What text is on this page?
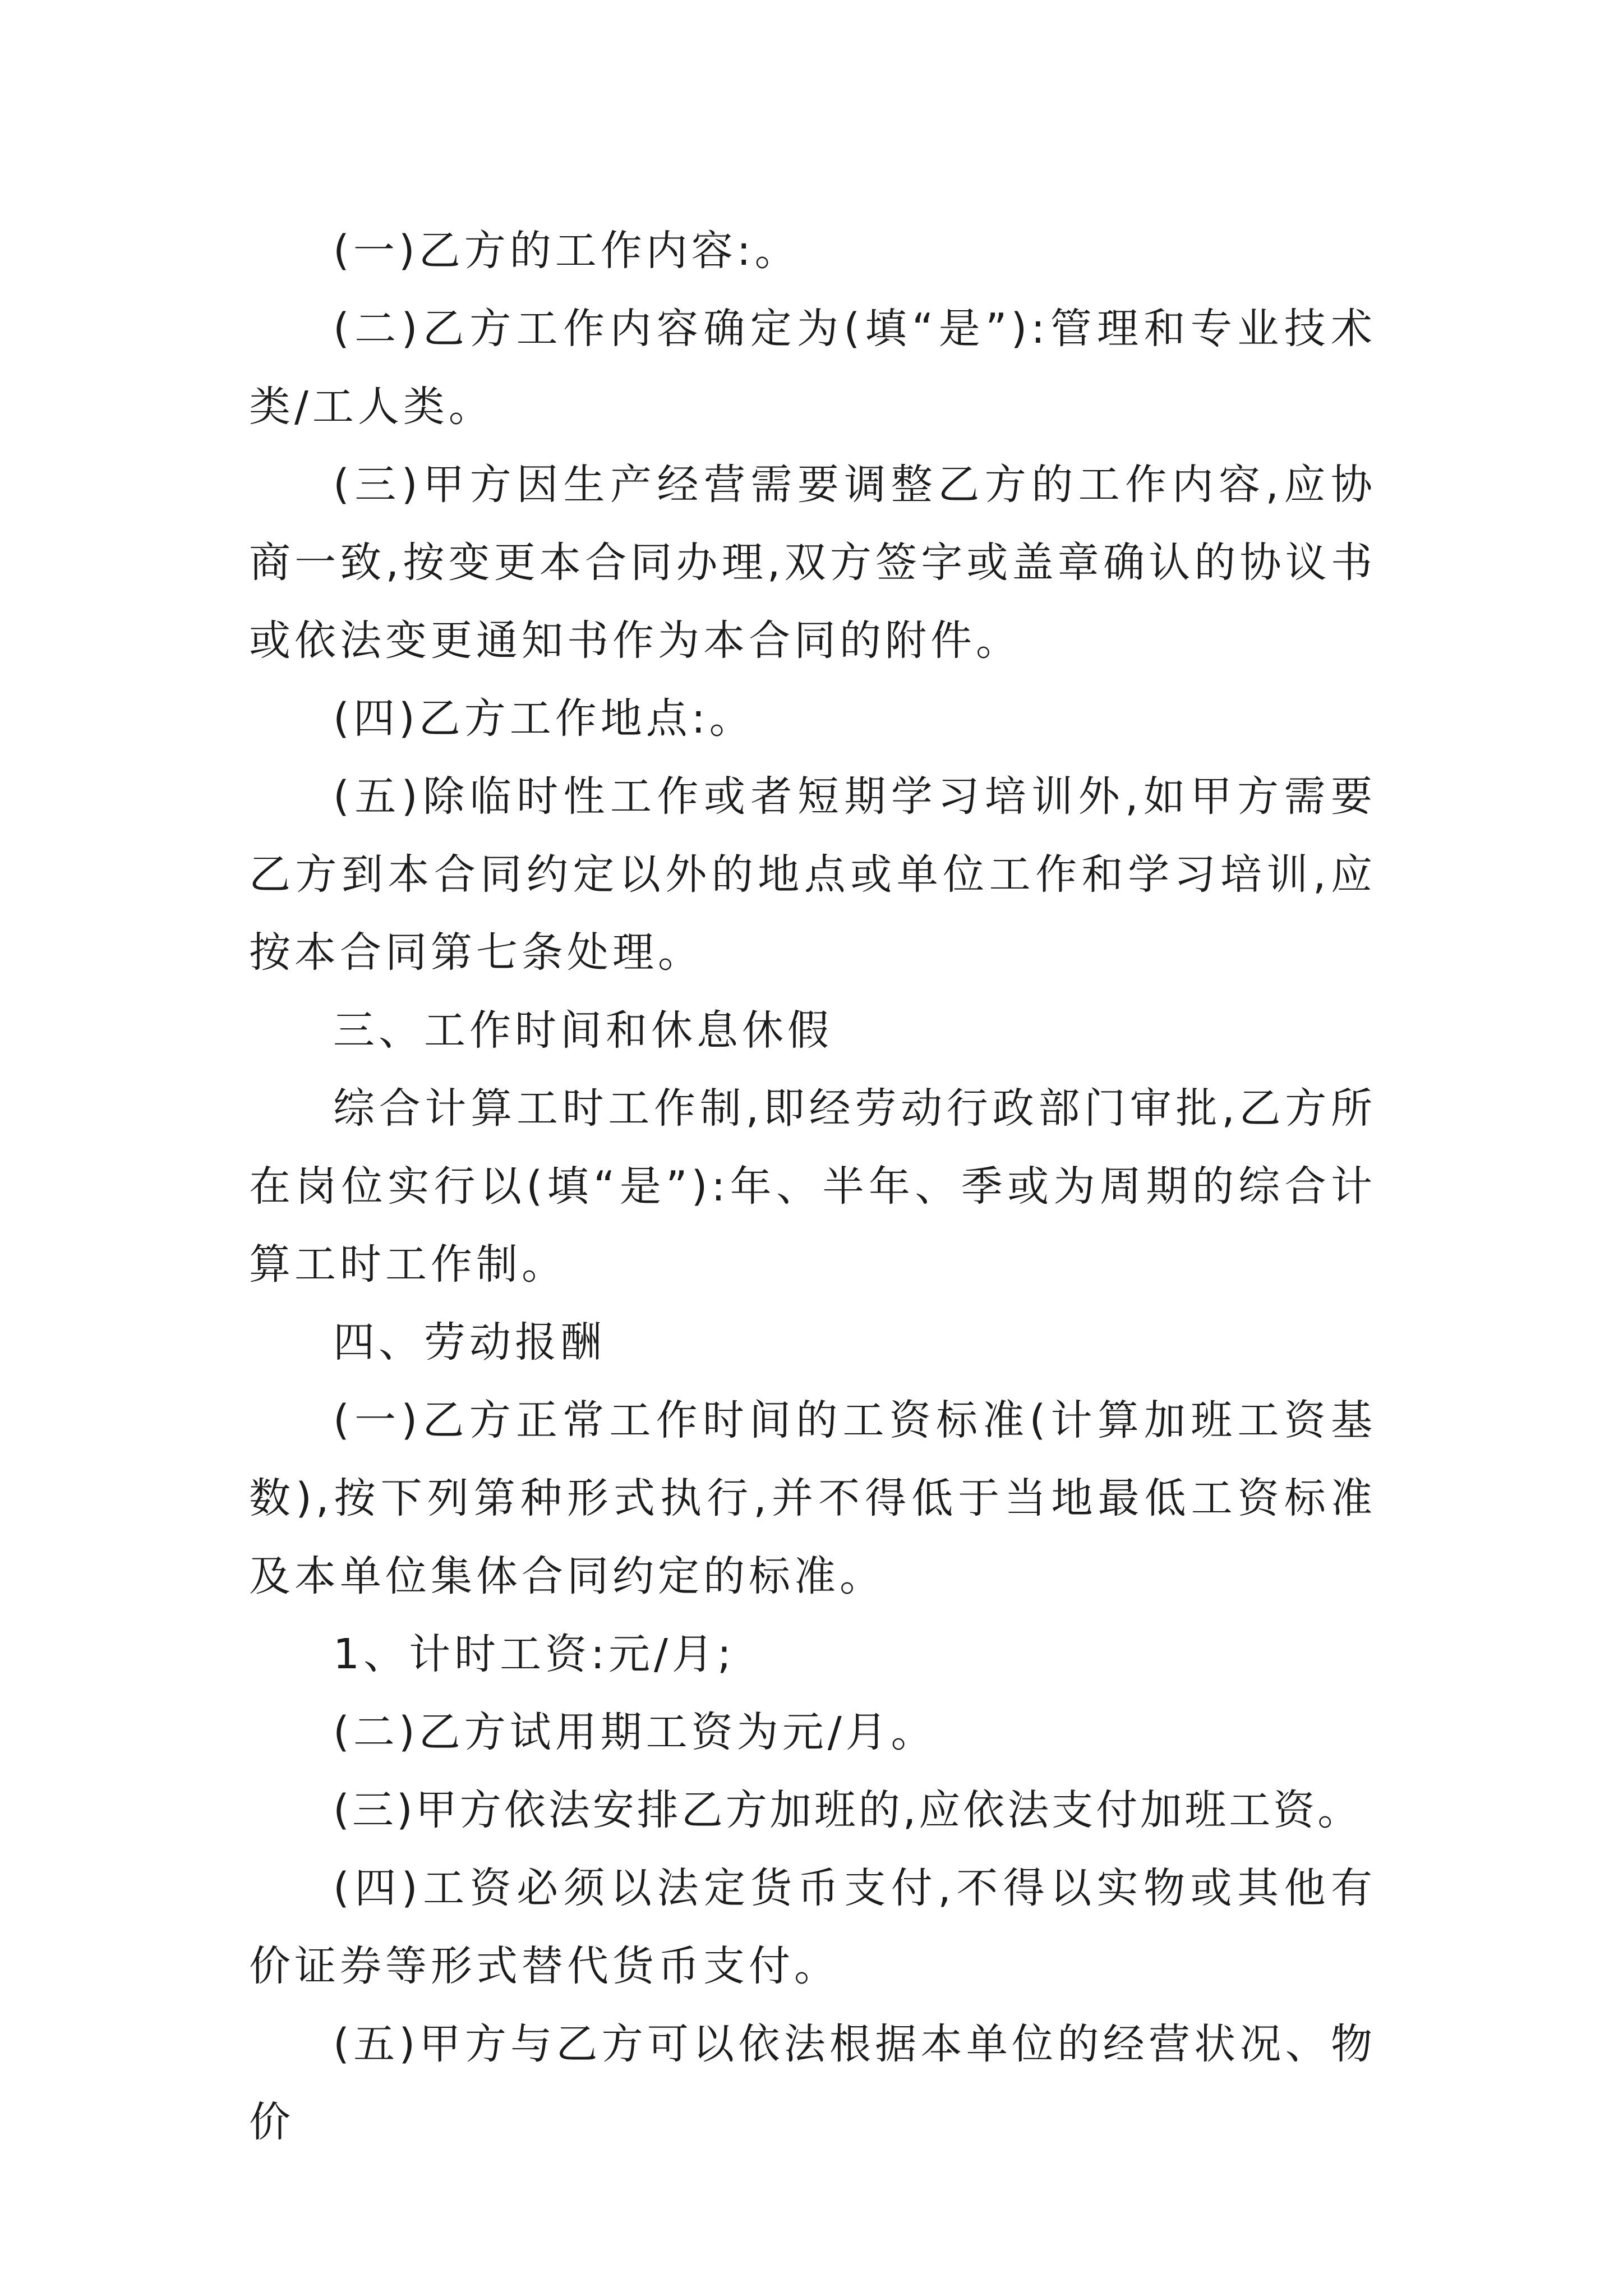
(一)乙方的工作内容:。

(二)乙方工作内容确定为(填“是”):管理和专业技术类/工人类。

(三)甲方因生产经营需要调整乙方的工作内容,应协商一致,按变更本合同办理,双方签字或盖章确认的协议书或依法变更通知书作为本合同的附件。

(四)乙方工作地点:。

(五)除临时性工作或者短期学习培训外,如甲方需要乙方到本合同约定以外的地点或单位工作和学习培训,应按本合同第七条处理。

三、工作时间和休息休假

综合计算工时工作制,即经劳动行政部门审批,乙方所在岗位实行以(填“是”):年、半年、季或为周期的综合计算工时工作制。

四、劳动报酬

(一)乙方正常工作时间的工资标准(计算加班工资基数),按下列第种形式执行,并不得低于当地最低工资标准及本单位集体合同约定的标准。

1、计时工资:元/月;

(二)乙方试用期工资为元/月。

(三)甲方依法安排乙方加班的,应依法支付加班工资。

(四)工资必须以法定货币支付,不得以实物或其他有价证券等形式替代货币支付。

(五)甲方与乙方可以依法根据本单位的经营状况、物价
